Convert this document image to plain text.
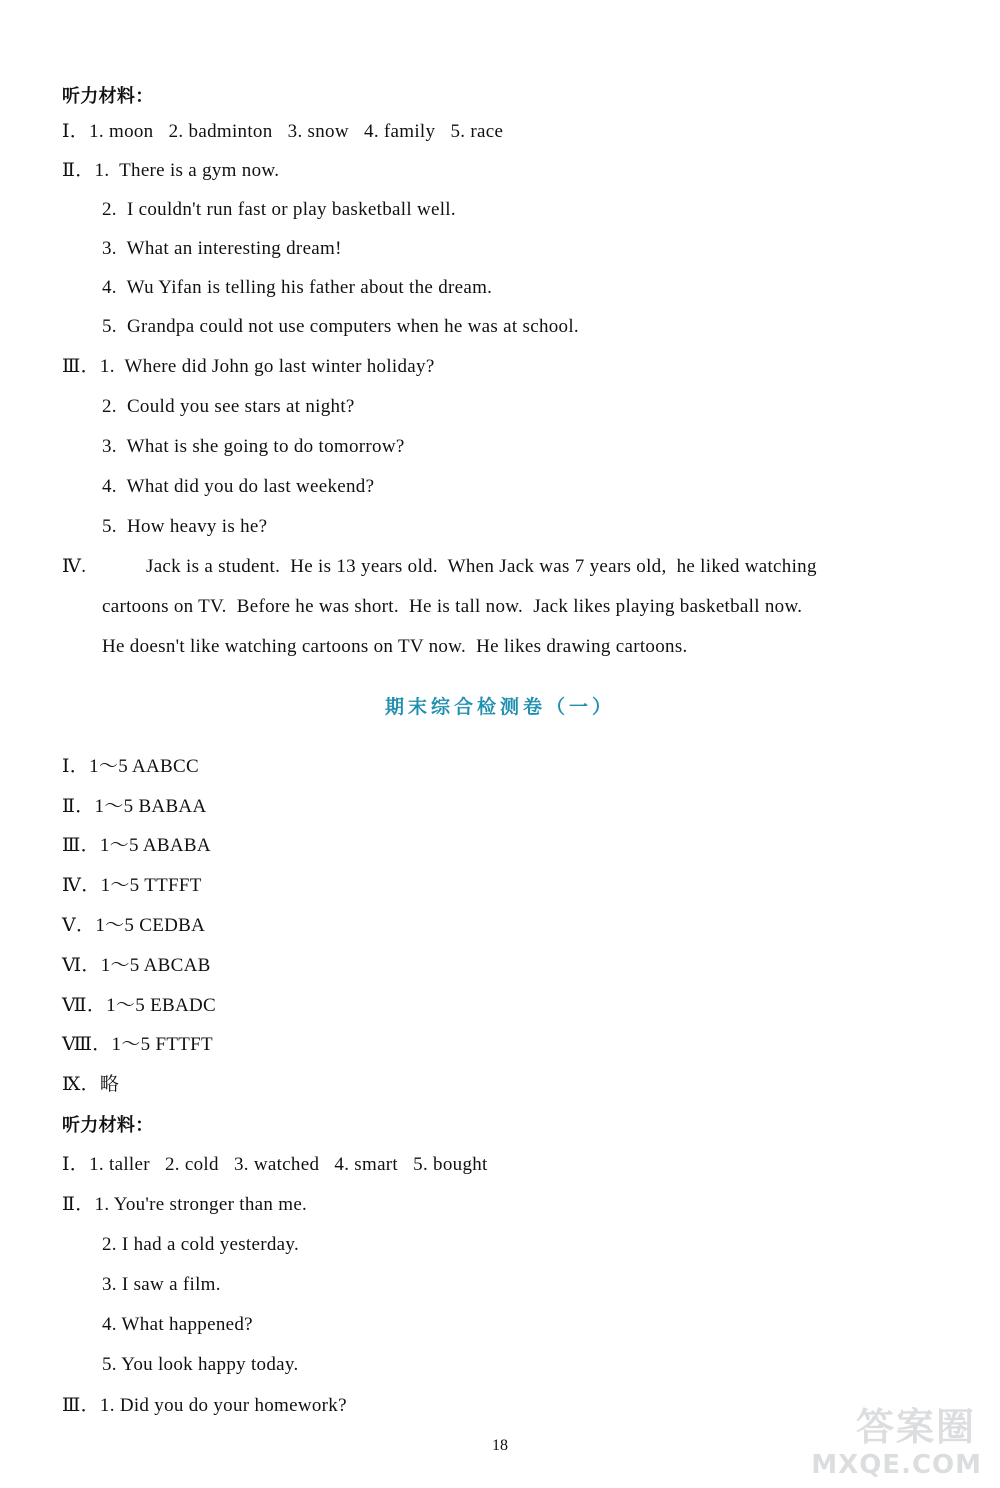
听力材料：
Ⅰ．1. moon   2. badminton   3. snow   4. family   5. race
Ⅱ．1.  There is a gym now.
2.  I couldn't run fast or play basketball well.
3.  What an interesting dream!
4.  Wu Yifan is telling his father about the dream.
5.  Grandpa could not use computers when he was at school.
Ⅲ．1.  Where did John go last winter holiday?
2.  Could you see stars at night?
3.  What is she going to do tomorrow?
4.  What did you do last weekend?
5.  How heavy is he?
Ⅳ.	Jack is a student.  He is 13 years old.  When Jack was 7 years old,  he liked watching
cartoons on TV.  Before he was short.  He is tall now.  Jack likes playing basketball now.
He doesn't like watching cartoons on TV now.  He likes drawing cartoons.
期末综合检测卷（一）
Ⅰ．1～5 AABCC
Ⅱ．1～5 BABAA
Ⅲ．1～5 ABABA
Ⅳ．1～5 TTFFT
Ⅴ．1～5 CEDBA
Ⅵ．1～5 ABCAB
Ⅶ．1～5 EBADC
Ⅷ．1～5 FTTFT
Ⅸ．略
听力材料：
Ⅰ．1. taller   2. cold   3. watched   4. smart   5. bought
Ⅱ．1. You're stronger than me.
2. I had a cold yesterday.
3. I saw a film.
4. What happened?
5. You look happy today.
Ⅲ．1. Did you do your homework?
18	答案圈
MXQE.COM
